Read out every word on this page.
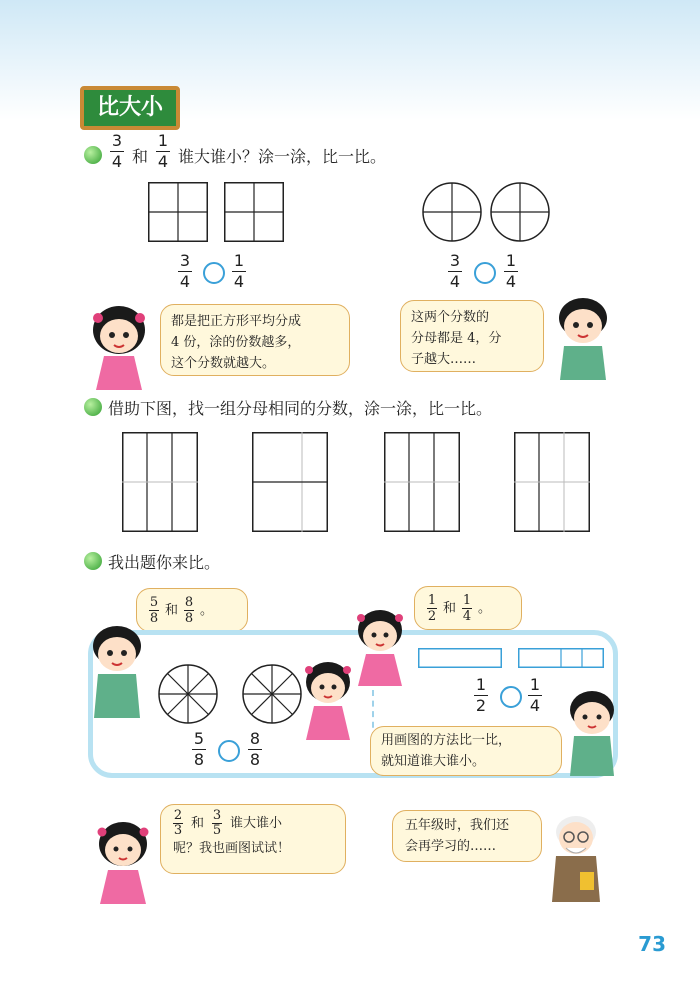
比大小
3
4 和
1
4 谁大谁小？涂一涂，比一比。
3
4
1
4
3
4
1
4
都是把正方形平均分成
4 份，涂的份数越多，
这个分数就越大。
这两个分数的
分母都是 4，分
子越大……
借助下图，找一组分母相同的分数，涂一涂，比一比。
我出题你来比。
5
8
和
8
8
。
1
2
和
1
4
。
1
2
1
4
5
8
8
8
用画图的方法比一比，
就知道谁大谁小。
2
3 和
3
5 谁大谁小
呢？我也画图试试！
五年级时，我们还
会再学习的……
73
